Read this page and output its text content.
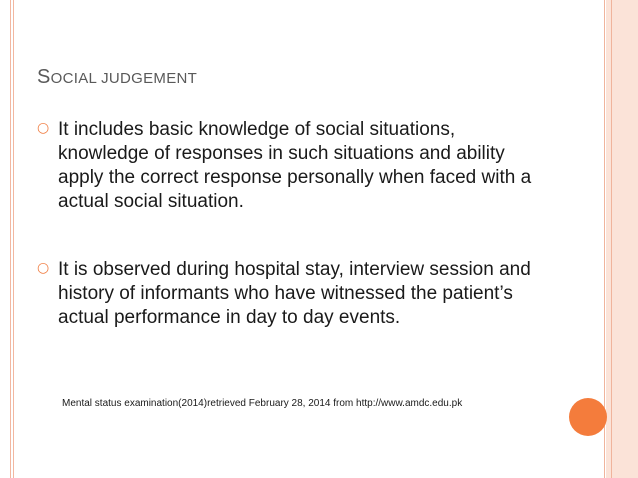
SOCIAL JUDGEMENT
○ It includes basic knowledge of social situations, knowledge of responses in such situations and ability apply the correct response personally when faced with a actual social situation.
○ It is observed during hospital stay, interview session and history of informants who have witnessed the patient’s actual performance in day to day events.
Mental status examination(2014)retrieved February 28, 2014 from http://www.amdc.edu.pk
